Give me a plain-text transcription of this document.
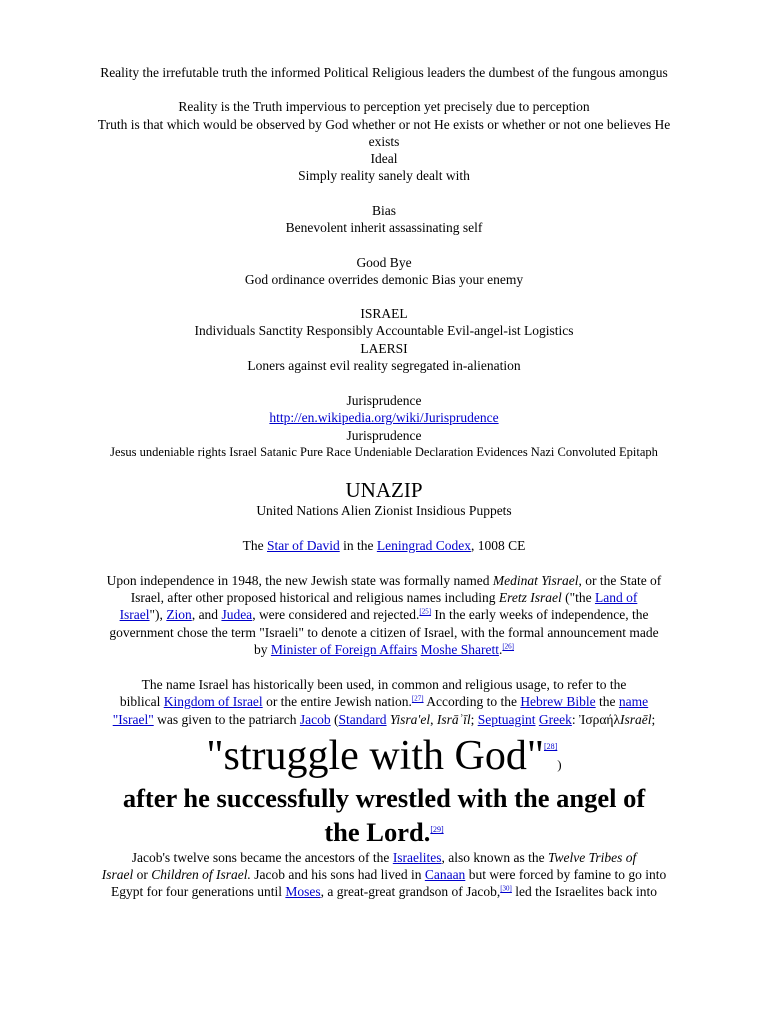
Reality the irrefutable truth the informed Political Religious leaders the dumbest of the fungous amongus
Reality is the Truth impervious to perception yet precisely due to perception
Truth is that which would be observed by God whether or not He exists or whether or not one believes He
exists
Ideal
Simply reality sanely dealt with
Bias
Benevolent inherit assassinating self
Good Bye
God ordinance overrides demonic Bias your enemy
ISRAEL
Individuals Sanctity Responsibly Accountable Evil-angel-ist Logistics
LAERSI
Loners against evil reality segregated in-alienation
Jurisprudence
http://en.wikipedia.org/wiki/Jurisprudence
Jurisprudence
Jesus undeniable rights Israel Satanic Pure Race Undeniable Declaration Evidences Nazi Convoluted Epitaph
UNAZIP
United Nations Alien Zionist Insidious Puppets
The Star of David in the Leningrad Codex, 1008 CE
Upon independence in 1948, the new Jewish state was formally named Medinat Yisrael, or the State of
Israel, after other proposed historical and religious names including Eretz Israel ("the Land of
Israel"), Zion, and Judea, were considered and rejected.[25] In the early weeks of independence, the
government chose the term "Israeli" to denote a citizen of Israel, with the formal announcement made
by Minister of Foreign Affairs Moshe Sharett.[26]
The name Israel has historically been used, in common and religious usage, to refer to the
biblical Kingdom of Israel or the entire Jewish nation.[27] According to the Hebrew Bible the name
"Israel" was given to the patriarch Jacob (Standard Yisra'el, Isrāʾīl; Septuagint Greek: ἸσραήλIsraēl;
"struggle with God"[28])
after he successfully wrestled with the angel of
the Lord.[29]
Jacob's twelve sons became the ancestors of the Israelites, also known as the Twelve Tribes of
Israel or Children of Israel. Jacob and his sons had lived in Canaan but were forced by famine to go into
Egypt for four generations until Moses, a great-great grandson of Jacob,[30] led the Israelites back into
